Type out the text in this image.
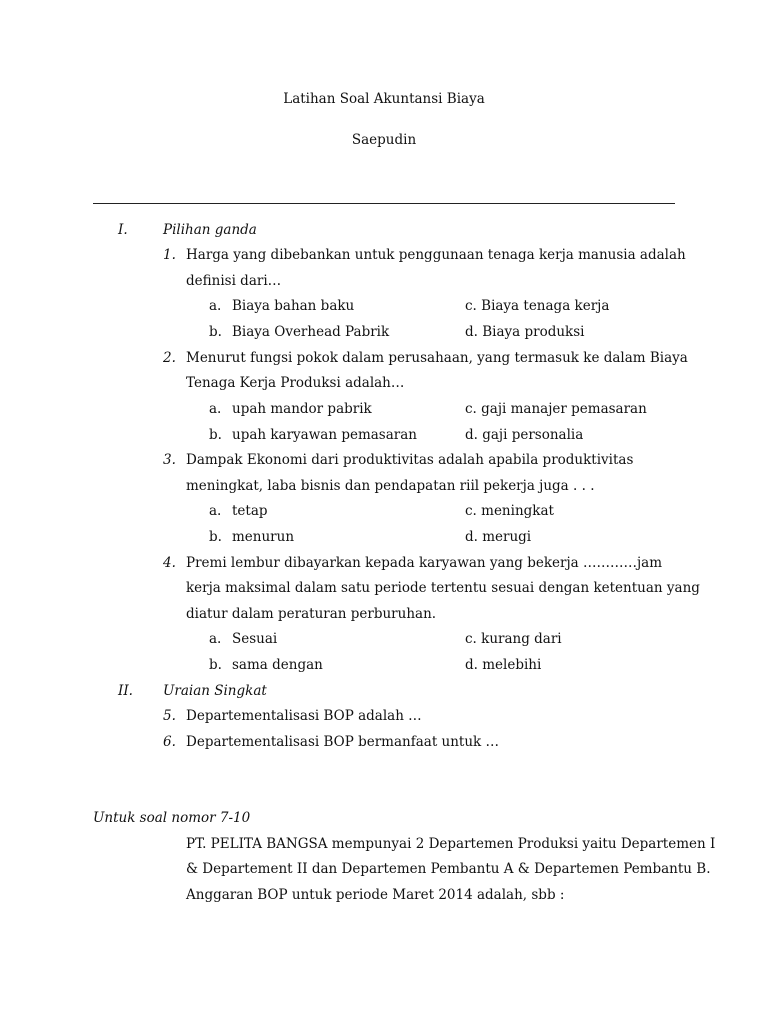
Latihan Soal Akuntansi Biaya
Saepudin
I.	Pilihan ganda
1. Harga yang dibebankan untuk penggunaan tenaga kerja manusia adalah
definisi dari…
a. Biaya bahan baku	c. Biaya tenaga kerja
b. Biaya Overhead Pabrik	d. Biaya produksi
2. Menurut fungsi pokok dalam perusahaan, yang termasuk ke dalam Biaya
Tenaga Kerja Produksi adalah…
a. upah mandor pabrik	c. gaji manajer pemasaran
b. upah karyawan pemasaran	d. gaji personalia
3. Dampak Ekonomi dari produktivitas adalah apabila produktivitas
meningkat, laba bisnis dan pendapatan riil pekerja juga . . .
a. tetap	c. meningkat
b. menurun	d. merugi
4. Premi lembur dibayarkan kepada karyawan yang bekerja …………jam
kerja maksimal dalam satu periode tertentu sesuai dengan ketentuan yang
diatur dalam peraturan perburuhan.
a. Sesuai	c. kurang dari
b. sama dengan	d. melebihi
II. Uraian Singkat
5. Departementalisasi BOP adalah …
6. Departementalisasi BOP bermanfaat untuk …
Untuk soal nomor 7-10
PT. PELITA BANGSA mempunyai 2 Departemen Produksi yaitu Departemen I
& Departement II dan Departemen Pembantu A & Departemen Pembantu B.
Anggaran BOP untuk periode Maret 2014 adalah, sbb :
